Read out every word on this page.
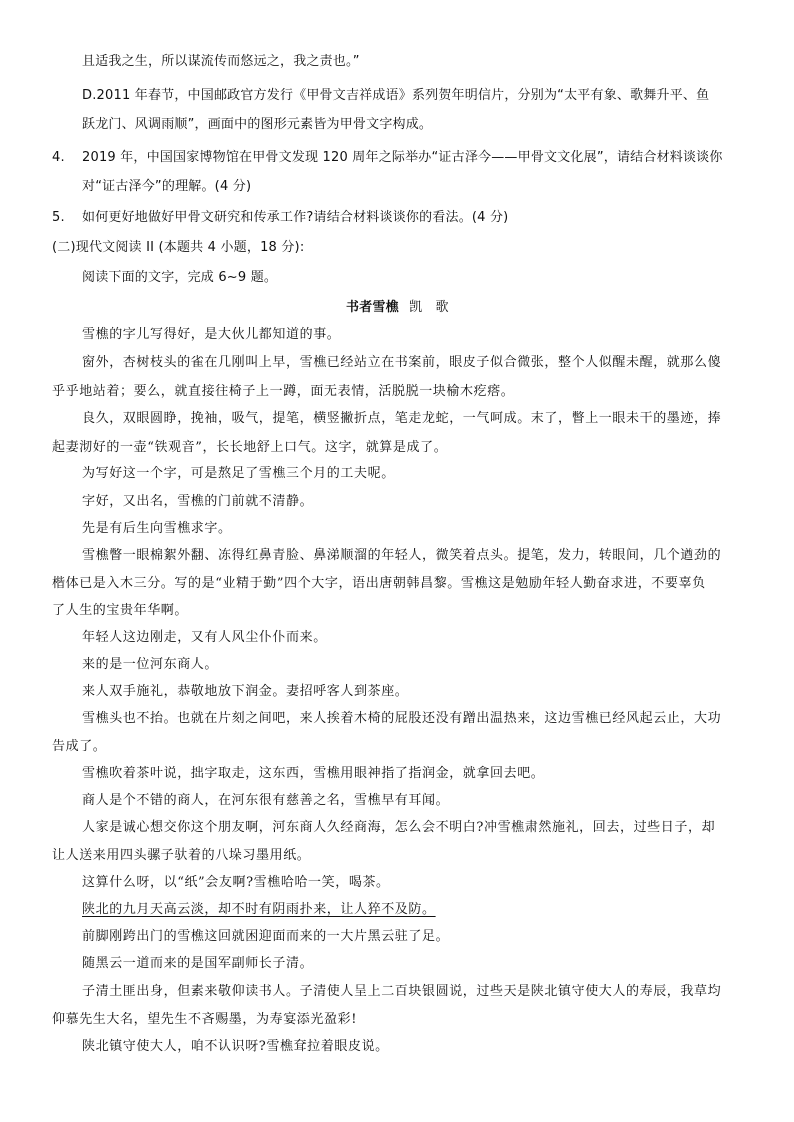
且适我之生，所以谋流传而悠远之，我之责也。”
D.2011 年春节，中国邮政官方发行《甲骨文吉祥成语》系列贺年明信片，分别为“太平有象、歌舞升平、鱼
跃龙门、风调雨顺”，画面中的图形元素皆为甲骨文字构成。
4. 2019 年，中国国家博物馆在甲骨文发现 120 周年之际举办“证古泽今——甲骨文文化展”，请结合材料谈谈你
对“证古泽今”的理解。(4 分)
5. 如何更好地做好甲骨文研究和传承工作?请结合材料谈谈你的看法。(4 分)
(二)现代文阅读 II (本题共 4 小题，18 分):
阅读下面的文字，完成 6~9 题。
书者雪樵 凯　歌
雪樵的字儿写得好，是大伙儿都知道的事。
窗外，杏树枝头的雀在几刚叫上早，雪樵已经站立在书案前，眼皮子似合微张，整个人似醒未醒，就那么傻
乎乎地站着；要么，就直接往椅子上一蹲，面无表情，活脱脱一块榆木疙瘩。
良久，双眼圆睁，挽袖，吸气，提笔，横竖撇折点，笔走龙蛇，一气呵成。末了，瞥上一眼未干的墨迹，捧
起妻沏好的一壶“铁观音”，长长地舒上口气。这字，就算是成了。
为写好这一个字，可是熬足了雪樵三个月的工夫呢。
字好，又出名，雪樵的门前就不清静。
先是有后生向雪樵求字。
雪樵瞥一眼棉絮外翻、冻得红鼻青脸、鼻涕顺溜的年轻人，微笑着点头。提笔，发力，转眼间，几个遒劲的
楷体已是入木三分。写的是“业精于勤”四个大字，语出唐朝韩昌黎。雪樵这是勉励年轻人勤奋求进，不要辜负
了人生的宝贵年华啊。
年轻人这边刚走，又有人风尘仆仆而来。
来的是一位河东商人。
来人双手施礼，恭敬地放下润金。妻招呼客人到茶座。
雪樵头也不抬。也就在片刻之间吧，来人挨着木椅的屁股还没有蹭出温热来，这边雪樵已经风起云止，大功
告成了。
雪樵吹着茶叶说，拙字取走，这东西，雪樵用眼神指了指润金，就拿回去吧。
商人是个不错的商人，在河东很有慈善之名，雪樵早有耳闻。
人家是诚心想交你这个朋友啊，河东商人久经商海，怎么会不明白?冲雪樵肃然施礼，回去，过些日子，却
让人送来用四头骡子驮着的八垛习墨用纸。
这算什么呀，以“纸”会友啊?雪樵哈哈一笑，喝茶。
陕北的九月天高云淡，却不时有阴雨扑来，让人猝不及防。
前脚刚跨出门的雪樵这回就困迎面而来的一大片黑云驻了足。
随黑云一道而来的是国军副师长子清。
子清土匪出身，但素来敬仰读书人。子清使人呈上二百块银圆说，过些天是陕北镇守使大人的寿辰，我草均
仰慕先生大名，望先生不吝赐墨，为寿宴添光盈彩!
陕北镇守使大人，咱不认识呀?雪樵耷拉着眼皮说。
